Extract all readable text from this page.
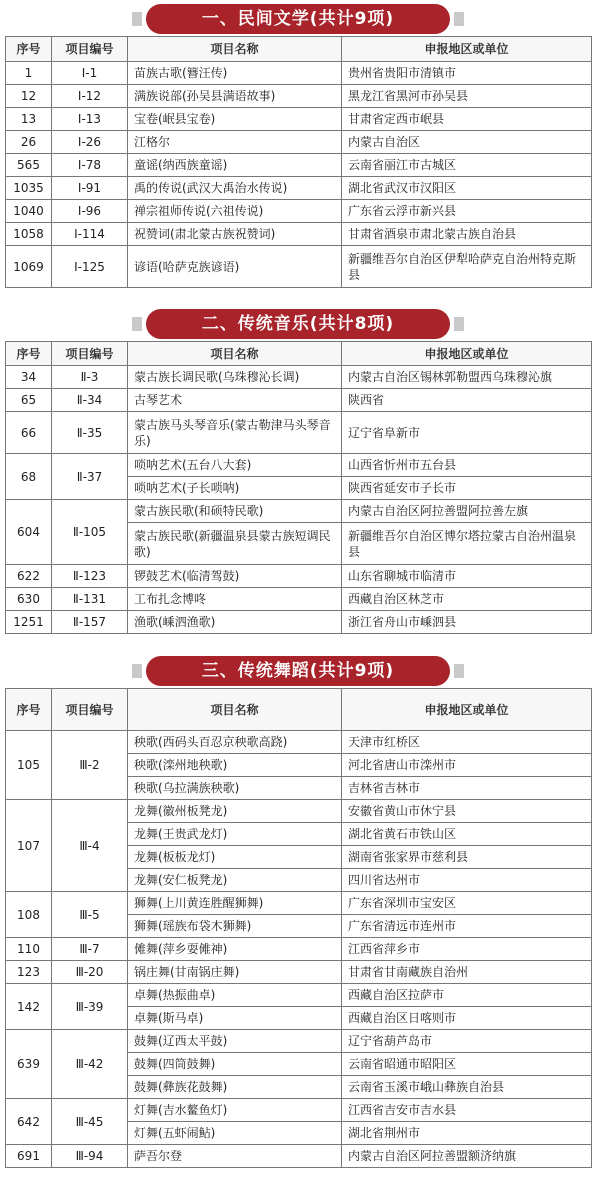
一、民间文学(共计9项)
序号	项目编号	项目名称	申报地区或单位
1	Ⅰ-1	苗族古歌(簪汪传)	贵州省贵阳市清镇市
12	Ⅰ-12	满族说部(孙吴县满语故事)	黑龙江省黑河市孙吴县
13	Ⅰ-13	宝卷(岷县宝卷)	甘肃省定西市岷县
26	Ⅰ-26	江格尔	内蒙古自治区
565	Ⅰ-78	童谣(纳西族童谣)	云南省丽江市古城区
1035	Ⅰ-91	禹的传说(武汉大禹治水传说)	湖北省武汉市汉阳区
1040	Ⅰ-96	禅宗祖师传说(六祖传说)	广东省云浮市新兴县
1058	Ⅰ-114	祝赞词(肃北蒙古族祝赞词)	甘肃省酒泉市肃北蒙古族自治县
1069	Ⅰ-125	谚语(哈萨克族谚语)	新疆维吾尔自治区伊犁哈萨克自治州特克斯县
二、传统音乐(共计8项)
序号	项目编号	项目名称	申报地区或单位
34	Ⅱ-3	蒙古族长调民歌(乌珠穆沁长调)	内蒙古自治区锡林郭勒盟西乌珠穆沁旗
65	Ⅱ-34	古琴艺术	陕西省
66	Ⅱ-35	蒙古族马头琴音乐(蒙古勒津马头琴音乐)	辽宁省阜新市
68	Ⅱ-37	唢呐艺术(五台八大套)	山西省忻州市五台县
		唢呐艺术(子长唢呐)	陕西省延安市子长市
604	Ⅱ-105	蒙古族民歌(和硕特民歌)	内蒙古自治区阿拉善盟阿拉善左旗
		蒙古族民歌(新疆温泉县蒙古族短调民歌)	新疆维吾尔自治区博尔塔拉蒙古自治州温泉县
622	Ⅱ-123	锣鼓艺术(临清驾鼓)	山东省聊城市临清市
630	Ⅱ-131	工布扎念博咚	西藏自治区林芝市
1251	Ⅱ-157	渔歌(嵊泗渔歌)	浙江省舟山市嵊泗县
三、传统舞蹈(共计9项)
序号	项目编号	项目名称	申报地区或单位
105	Ⅲ-2	秧歌(西码头百忍京秧歌高跷)	天津市红桥区
		秧歌(滦州地秧歌)	河北省唐山市滦州市
		秧歌(乌拉满族秧歌)	吉林省吉林市
107	Ⅲ-4	龙舞(徽州板凳龙)	安徽省黄山市休宁县
		龙舞(王贵武龙灯)	湖北省黄石市铁山区
		龙舞(板板龙灯)	湖南省张家界市慈利县
		龙舞(安仁板凳龙)	四川省达州市
108	Ⅲ-5	狮舞(上川黄连胜醒狮舞)	广东省深圳市宝安区
		狮舞(瑶族布袋木狮舞)	广东省清远市连州市
110	Ⅲ-7	傩舞(萍乡耍傩神)	江西省萍乡市
123	Ⅲ-20	锅庄舞(甘南锅庄舞)	甘肃省甘南藏族自治州
142	Ⅲ-39	卓舞(热振曲卓)	西藏自治区拉萨市
		卓舞(斯马卓)	西藏自治区日喀则市
639	Ⅲ-42	鼓舞(辽西太平鼓)	辽宁省葫芦岛市
		鼓舞(四筒鼓舞)	云南省昭通市昭阳区
		鼓舞(彝族花鼓舞)	云南省玉溪市峨山彝族自治县
642	Ⅲ-45	灯舞(吉水鳌鱼灯)	江西省吉安市吉水县
		灯舞(五虾闹鲇)	湖北省荆州市
691	Ⅲ-94	萨吾尔登	内蒙古自治区阿拉善盟额济纳旗
